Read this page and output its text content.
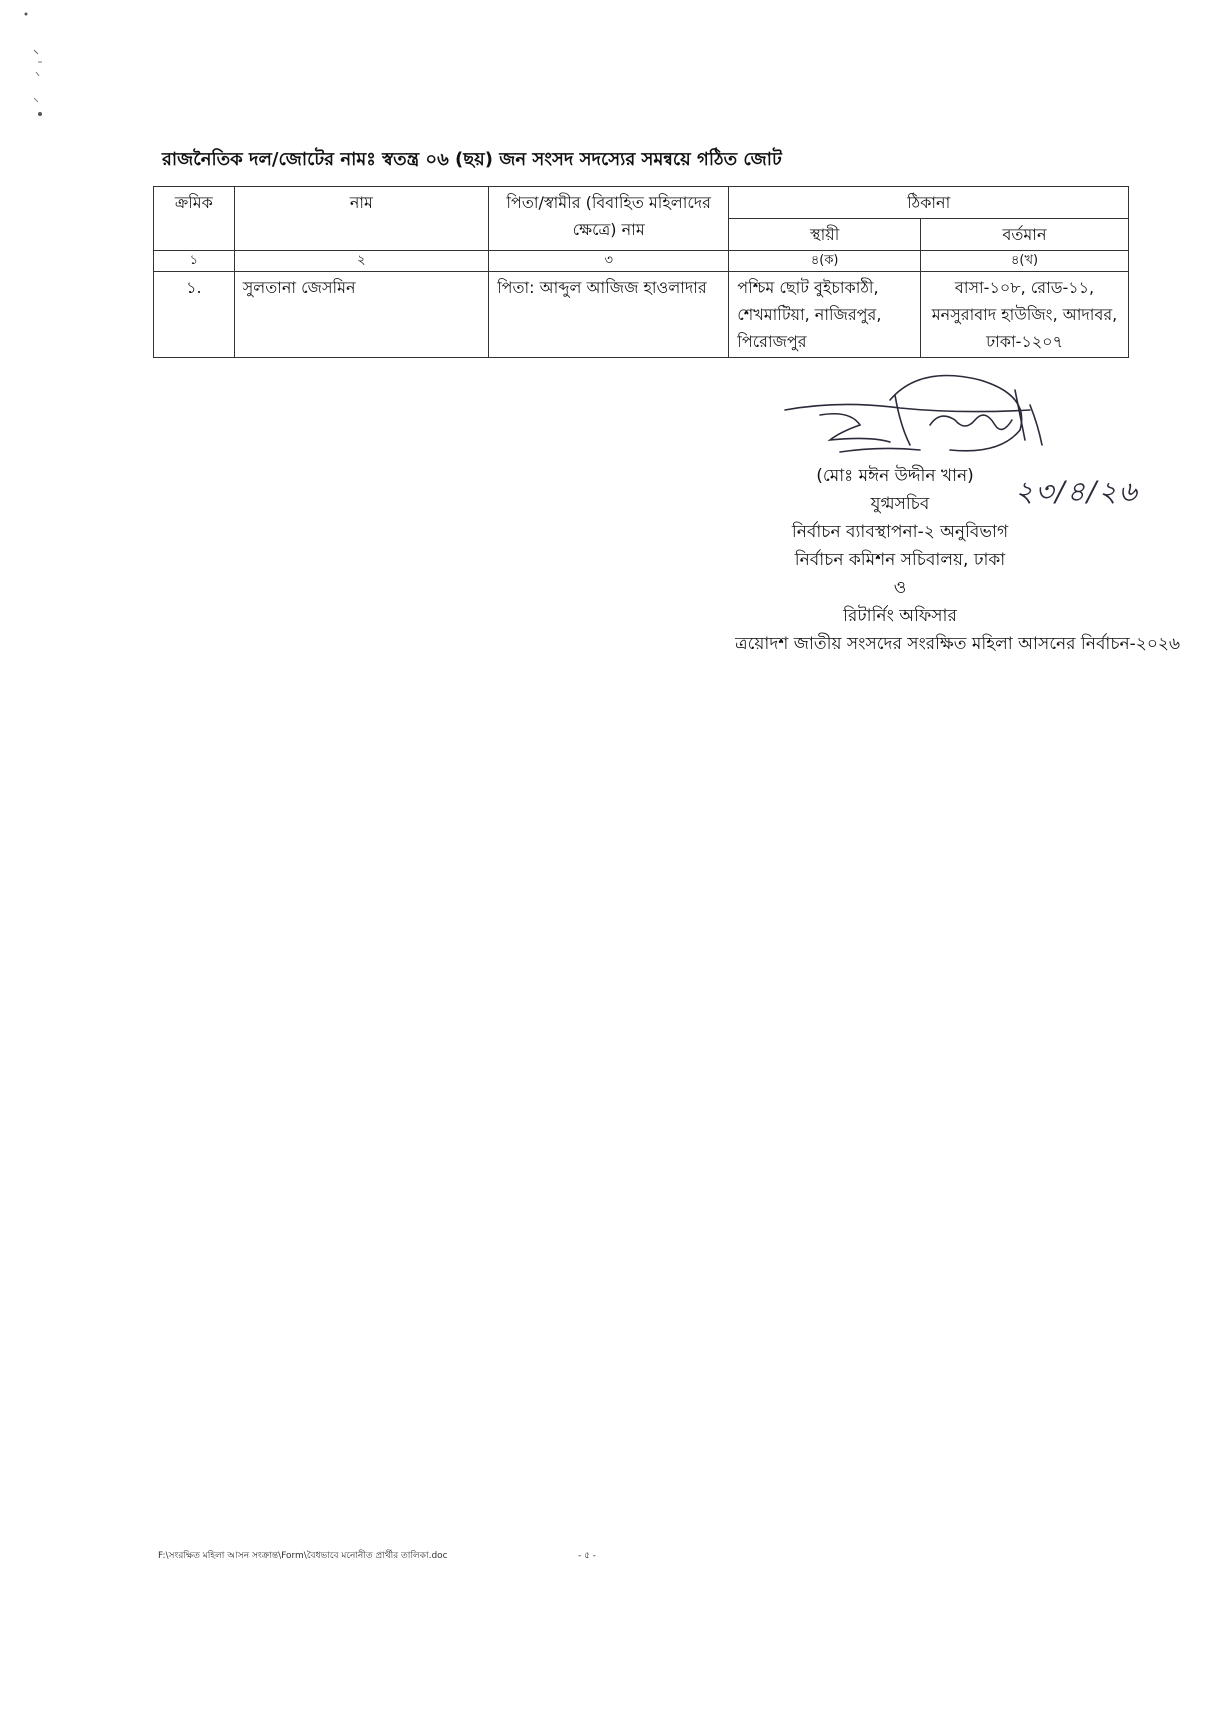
রাজনৈতিক দল/জোটের নামঃ স্বতন্ত্র ০৬ (ছয়) জন সংসদ সদস্যের সমন্বয়ে গঠিত জোট
ক্রমিক	নাম	পিতা/স্বামীর (বিবাহিত মহিলাদের ক্ষেত্রে) নাম	ঠিকানা	
			স্থায়ী	বর্তমান
১	২	৩	৪(ক)	৪(খ)
১.	সুলতানা জেসমিন	পিতা: আব্দুল আজিজ হাওলাদার	পশ্চিম ছোট বুইচাকাঠী, শেখমাটিয়া, নাজিরপুর, পিরোজপুর	বাসা-১০৮, রোড-১১, মনসুরাবাদ হাউজিং, আদাবর, ঢাকা-১২০৭
২৩/৪/২৬
(মোঃ মঈন উদ্দীন খান)
যুগ্মসচিব
নির্বাচন ব্যাবস্থাপনা-২ অনুবিভাগ
নির্বাচন কমিশন সচিবালয়, ঢাকা
ও
রিটার্নিং অফিসার
ত্রয়োদশ জাতীয় সংসদের সংরক্ষিত মহিলা আসনের নির্বাচন-২০২৬
F:\সংরক্ষিত মহিলা আসন সংক্রান্ত\Form\বৈধভাবে মনোনীত প্রার্থীর তালিকা.doc	- ৫ -
